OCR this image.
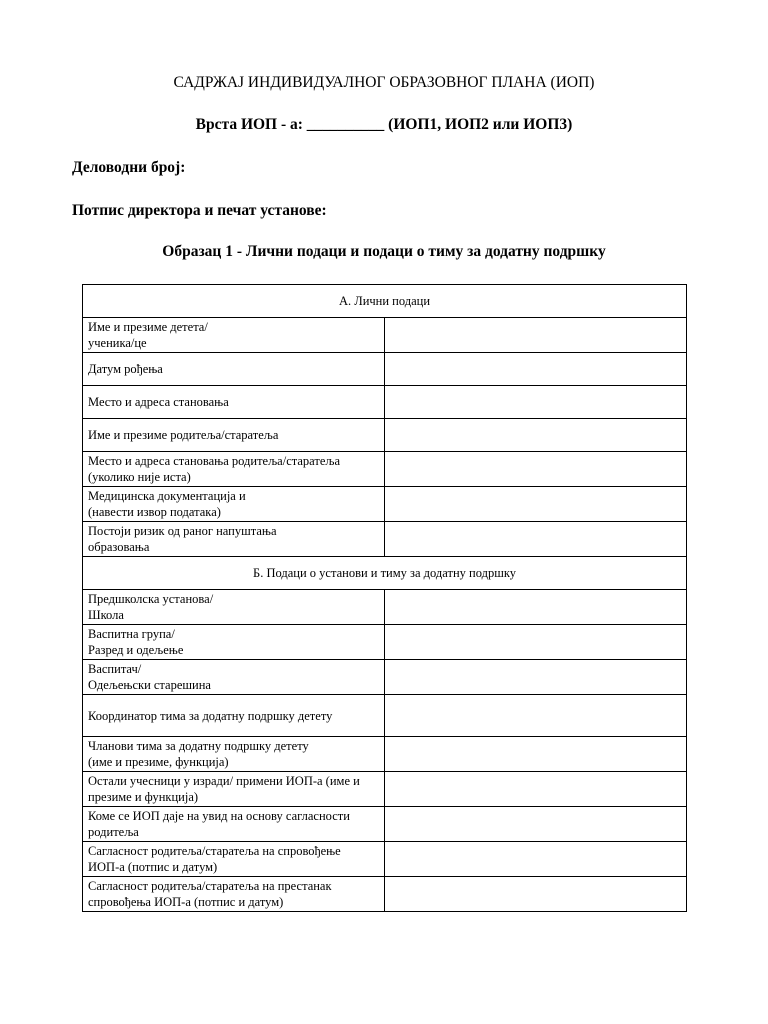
САДРЖАЈ ИНДИВИДУАЛНОГ ОБРАЗОВНОГ ПЛАНА (ИОП)
Врста ИОП - а: __________ (ИОП1, ИОП2 или ИОП3)
Деловодни број:
Потпис директора и печат установе:
Образац 1 - Лични подаци и подаци о тиму за додатну подршку
А. Лични подаци	

Име и презиме детета/
ученика/це	

Датум рођења	

Место и адреса становања	

Име и презиме родитеља/старатеља	

Место и адреса становања родитеља/старатеља
(уколико није иста)	

Медицинска документација и
(навести извор података)	

Постоји ризик од раног напуштања
образовања	

Б. Подаци о установи и тиму за додатну подршку	

Предшколска установа/
Школа	

Васпитна група/
Разред и одељење	

Васпитач/
Одељењски старешина	

Координатор тима за додатну подршку детету	

Чланови тима за додатну подршку детету
(име и презиме, функција)	

Остали учесници у изради/ примени ИОП-а (име и
презиме и функција)	

Коме се ИОП даје на увид на основу сагласности
родитеља	

Сагласност родитеља/старатеља на спровођење
ИОП-а (потпис и датум)	

Сагласност родитеља/старатеља на престанак
спровођења ИОП-а (потпис и датум)	
